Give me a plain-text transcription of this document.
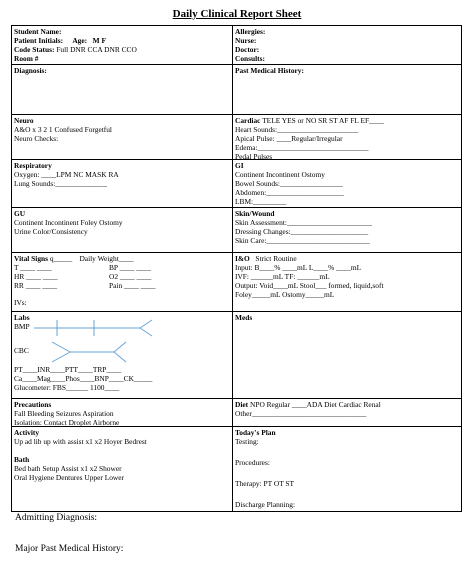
Daily Clinical Report Sheet
Student Name:
Patient Initials: Age: M F
Code Status: Full DNR CCA DNR CCO
Room #
Allergies:
Nurse:
Doctor:
Consults:
Diagnosis:	Past Medical History:
Neuro
A&O x 3 2 1 Confused Forgetful
Neuro Checks:
Cardiac TELE YES or NO SR ST AF FL EF____
Heart Sounds:______________________
Apical Pulse: ____Regular/Irregular
Edema:______________________________
Pedal Pulses_________________________
Respiratory
Oxygen: ____LPM NC MASK RA
Lung Sounds:______________
GI
Continent Incontinent Ostomy
Bowel Sounds:_________________
Abdomen:_____________________
LBM:_________
GU
Continent Incontinent Foley Ostomy
Urine Color/Consistency
Skin/Wound
Skin Assessment:_______________________
Dressing Changes:_____________________
Skin Care:____________________________
Vital Signs q_____ Daily Weight____
T ____ ____	BP ____ ____
HR ____ ____	O2 ____ ____
RR ____ ____	Pain ____ ____
IVs:
I&O Strict Routine
Input: B____% ____mL L____% ____mL
IVF: ______mL TF: ______mL
Output: Void____mL Stool___ formed, liquid,soft
Foley_____mL Ostomy_____mL
Labs
BMP
CBC
PT____INR____PTT____TRP____
Ca____Mag____Phos____BNP____CK_____
Glucometer: FBS______ 1100____
Meds
Precautions
Fall Bleeding Seizures Aspiration
Isolation: Contact Droplet Airborne
Diet NPO Regular ____ADA Diet Cardiac Renal
Other_______________________________
Activity
Up ad lib up with assist x1 x2 Hoyer Bedrest
Bath
Bed bath Setup Assist x1 x2 Shower
Oral Hygiene Dentures Upper Lower
Today's Plan
Testing:
Procedures:
Therapy: PT OT ST
Discharge Planning:
Admitting Diagnosis:
Major Past Medical History:
